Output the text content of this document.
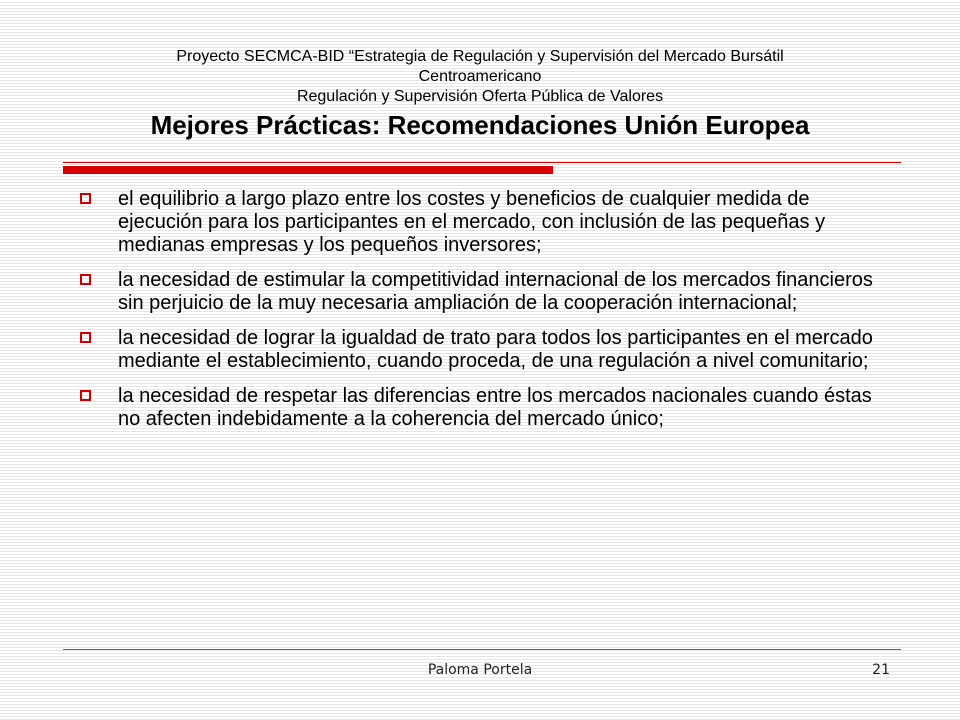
Proyecto SECMCA-BID “Estrategia de Regulación y Supervisión del Mercado Bursátil
Centroamericano
Regulación y Supervisión Oferta Pública de Valores
Mejores Prácticas: Recomendaciones Unión Europea
el equilibrio a largo plazo entre los costes y beneficios de cualquier medida de ejecución para los participantes en el mercado, con inclusión de las pequeñas y medianas empresas y los pequeños inversores;
la necesidad de estimular la competitividad internacional de los mercados financieros sin perjuicio de la muy necesaria ampliación de la cooperación internacional;
la necesidad de lograr la igualdad de trato para todos los participantes en el mercado mediante el establecimiento, cuando proceda, de una regulación a nivel comunitario;
la necesidad de respetar las diferencias entre los mercados nacionales cuando éstas no afecten indebidamente a la coherencia del mercado único;
Paloma Portela	21
